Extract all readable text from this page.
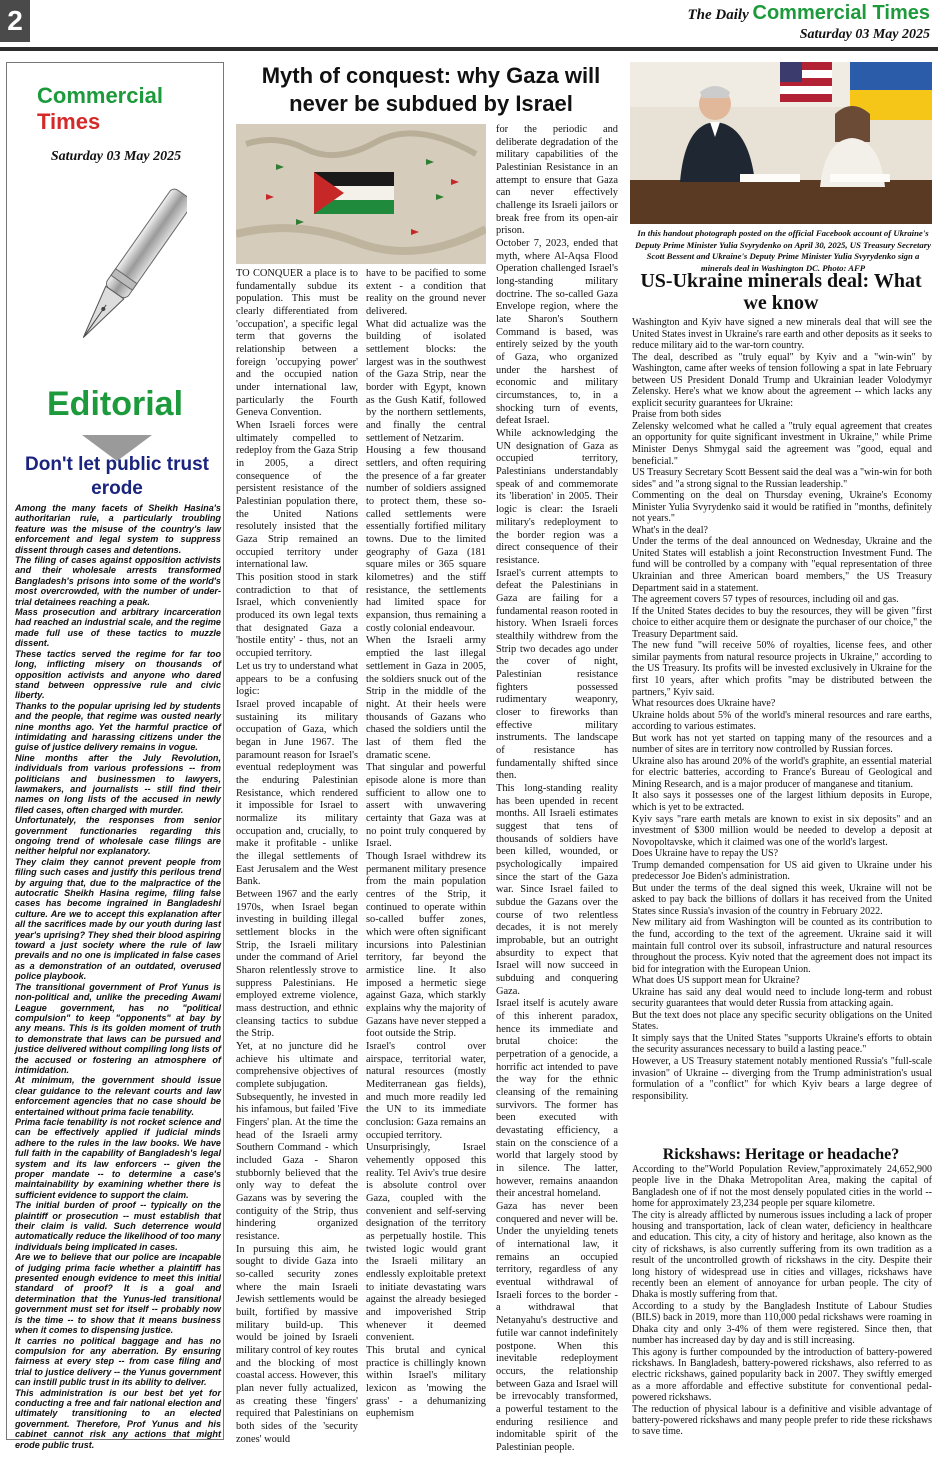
2	The Daily Commercial Times
Saturday 03 May 2025
Commercial Times
Saturday 03 May 2025
Editorial
Don't let public trust erode

Among the many facets of Sheikh Hasina's authoritarian rule, a particularly troubling feature was the misuse of the country's law enforcement and legal system to suppress dissent through cases and detentions.

The filing of cases against opposition activists and their wholesale arrests transformed Bangladesh's prisons into some of the world's most overcrowded, with the number of under-trial detainees reaching a peak.

Mass prosecution and arbitrary incarceration had reached an industrial scale, and the regime made full use of these tactics to muzzle dissent.

These tactics served the regime for far too long, inflicting misery on thousands of opposition activists and anyone who dared stand between oppressive rule and civic liberty.

Thanks to the popular uprising led by students and the people, that regime was ousted nearly nine months ago. Yet the harmful practice of intimidating and harassing citizens under the guise of justice delivery remains in vogue.

Nine months after the July Revolution, individuals from various professions -- from politicians and businessmen to lawyers, lawmakers, and journalists -- still find their names on long lists of the accused in newly filed cases, often charged with murder.

Unfortunately, the responses from senior government functionaries regarding this ongoing trend of wholesale case filings are neither helpful nor explanatory.

They claim they cannot prevent people from filing such cases and justify this perilous trend by arguing that, due to the malpractice of the autocratic Sheikh Hasina regime, filing false cases has become ingrained in Bangladeshi culture. Are we to accept this explanation after all the sacrifices made by our youth during last year's uprising? They shed their blood aspiring toward a just society where the rule of law prevails and no one is implicated in false cases as a demonstration of an outdated, overused police playbook.

The transitional government of Prof Yunus is non-political and, unlike the preceding Awami League government, has no "political compulsion" to keep "opponents" at bay by any means. This is its golden moment of truth to demonstrate that laws can be pursued and justice delivered without compiling long lists of the accused or fostering an atmosphere of intimidation.

At minimum, the government should issue clear guidance to the relevant courts and law enforcement agencies that no case should be entertained without prima facie tenability.

Prima facie tenability is not rocket science and can be effectively applied if judicial minds adhere to the rules in the law books. We have full faith in the capability of Bangladesh's legal system and its law enforcers -- given the proper mandate -- to determine a case's maintainability by examining whether there is sufficient evidence to support the claim.

The initial burden of proof -- typically on the plaintiff or prosecution -- must establish that their claim is valid. Such deterrence would automatically reduce the likelihood of too many individuals being implicated in cases.

Are we to believe that our police are incapable of judging prima facie whether a plaintiff has presented enough evidence to meet this initial standard of proof? It is a goal and determination that the Yunus-led transitional government must set for itself -- probably now is the time -- to show that it means business when it comes to dispensing justice.

It carries no political baggage and has no compulsion for any aberration. By ensuring fairness at every step -- from case filing and trial to justice delivery -- the Yunus government can instill public trust in its ability to deliver.

This administration is our best bet yet for conducting a free and fair national election and ultimately transitioning to an elected government. Therefore, Prof Yunus and his cabinet cannot risk any actions that might erode public trust.

Myth of conquest: why Gaza will never be subdued by Israel

TO CONQUER a place is to fundamentally subdue its population. This must be clearly differentiated from 'occupation', a specific legal term that governs the relationship between a foreign 'occupying power' and the occupied nation under international law, particularly the Fourth Geneva Convention.

When Israeli forces were ultimately compelled to redeploy from the Gaza Strip in 2005, a direct consequence of the persistent resistance of the Palestinian population there, the United Nations resolutely insisted that the Gaza Strip remained an occupied territory under international law.

This position stood in stark contradiction to that of Israel, which conveniently produced its own legal texts that designated Gaza a 'hostile entity' - thus, not an occupied territory.

Let us try to understand what appears to be a confusing logic:

Israel proved incapable of sustaining its military occupation of Gaza, which began in June 1967. The paramount reason for Israel's eventual redeployment was the enduring Palestinian Resistance, which rendered it impossible for Israel to normalize its military occupation and, crucially, to make it profitable - unlike the illegal settlements of East Jerusalem and the West Bank.

Between 1967 and the early 1970s, when Israel began investing in building illegal settlement blocks in the Strip, the Israeli military under the command of Ariel Sharon relentlessly strove to suppress Palestinians. He employed extreme violence, mass destruction, and ethnic cleansing tactics to subdue the Strip.

Yet, at no juncture did he achieve his ultimate and comprehensive objectives of complete subjugation.

Subsequently, he invested in his infamous, but failed 'Five Fingers' plan. At the time the head of the Israeli army Southern Command - which included Gaza - Sharon stubbornly believed that the only way to defeat the Gazans was by severing the contiguity of the Strip, thus hindering organized resistance.

In pursuing this aim, he sought to divide Gaza into so-called security zones where the main Israeli Jewish settlements would be built, fortified by massive military build-up. This would be joined by Israeli military control of key routes and the blocking of most coastal access. However, this plan never fully actualized, as creating these 'fingers' required that Palestinians on both sides of the 'security zones' would

have to be pacified to some extent - a condition that reality on the ground never delivered.

What did actualize was the building of isolated settlement blocks: the largest was in the southwest of the Gaza Strip, near the border with Egypt, known as the Gush Katif, followed by the northern settlements, and finally the central settlement of Netzarim.

Housing a few thousand settlers, and often requiring the presence of a far greater number of soldiers assigned to protect them, these so-called settlements were essentially fortified military towns. Due to the limited geography of Gaza (181 square miles or 365 square kilometres) and the stiff resistance, the settlements had limited space for expansion, thus remaining a costly colonial endeavour.

When the Israeli army emptied the last illegal settlement in Gaza in 2005, the soldiers snuck out of the Strip in the middle of the night. At their heels were thousands of Gazans who chased the soldiers until the last of them fled the dramatic scene.

That singular and powerful episode alone is more than sufficient to allow one to assert with unwavering certainty that Gaza was at no point truly conquered by Israel.

Though Israel withdrew its permanent military presence from the main population centres of the Strip, it continued to operate within so-called buffer zones, which were often significant incursions into Palestinian territory, far beyond the armistice line. It also imposed a hermetic siege against Gaza, which starkly explains why the majority of Gazans have never stepped a foot outside the Strip.

Israel's control over airspace, territorial water, natural resources (mostly Mediterranean gas fields), and much more readily led the UN to its immediate conclusion: Gaza remains an occupied territory.

Unsurprisingly, Israel vehemently opposed this reality. Tel Aviv's true desire is absolute control over Gaza, coupled with the convenient and self-serving designation of the territory as perpetually hostile. This twisted logic would grant the Israeli military an endlessly exploitable pretext to initiate devastating wars against the already besieged and impoverished Strip whenever it deemed convenient.

This brutal and cynical practice is chillingly known within Israel's military lexicon as 'mowing the grass' - a dehumanizing euphemism

for the periodic and deliberate degradation of the military capabilities of the Palestinian Resistance in an attempt to ensure that Gaza can never effectively challenge its Israeli jailors or break free from its open-air prison.

October 7, 2023, ended that myth, where Al-Aqsa Flood Operation challenged Israel's long-standing military doctrine. The so-called Gaza Envelope region, where the late Sharon's Southern Command is based, was entirely seized by the youth of Gaza, who organized under the harshest of economic and military circumstances, to, in a shocking turn of events, defeat Israel.

While acknowledging the UN designation of Gaza as occupied territory, Palestinians understandably speak of and commemorate its 'liberation' in 2005. Their logic is clear: the Israeli military's redeployment to the border region was a direct consequence of their resistance.

Israel's current attempts to defeat the Palestinians in Gaza are failing for a fundamental reason rooted in history. When Israeli forces stealthily withdrew from the Strip two decades ago under the cover of night, Palestinian resistance fighters possessed rudimentary weaponry, closer to fireworks than effective military instruments. The landscape of resistance has fundamentally shifted since then.

This long-standing reality has been upended in recent months. All Israeli estimates suggest that tens of thousands of soldiers have been killed, wounded, or psychologically impaired since the start of the Gaza war. Since Israel failed to subdue the Gazans over the course of two relentless decades, it is not merely improbable, but an outright absurdity to expect that Israel will now succeed in subduing and conquering Gaza.

Israel itself is acutely aware of this inherent paradox, hence its immediate and brutal choice: the perpetration of a genocide, a horrific act intended to pave the way for the ethnic cleansing of the remaining survivors. The former has been executed with devastating efficiency, a stain on the conscience of a world that largely stood by in silence. The latter, however, remains anaandon their ancestral homeland.

Gaza has never been conquered and never will be. Under the unyielding tenets of international law, it remains an occupied territory, regardless of any eventual withdrawal of Israeli forces to the border - a withdrawal that Netanyahu's destructive and futile war cannot indefinitely postpone. When this inevitable redeployment occurs, the relationship between Gaza and Israel will be irrevocably transformed, a powerful testament to the enduring resilience and indomitable spirit of the Palestinian people.

In this handout photograph posted on the official Facebook account of Ukraine's Deputy Prime Minister Yulia Svyrydenko on April 30, 2025, US Treasury Secretary Scott Bessent and Ukraine's Deputy Prime Minister Yulia Svyrydenko sign a minerals deal in Washington DC. Photo: AFP
US-Ukraine minerals deal: What we know

Washington and Kyiv have signed a new minerals deal that will see the United States invest in Ukraine's rare earth and other deposits as it seeks to reduce military aid to the war-torn country.

The deal, described as "truly equal" by Kyiv and a "win-win" by Washington, came after weeks of tension following a spat in late February between US President Donald Trump and Ukrainian leader Volodymyr Zelensky. Here's what we know about the agreement -- which lacks any explicit security guarantees for Ukraine:

Praise from both sides

Zelensky welcomed what he called a "truly equal agreement that creates an opportunity for quite significant investment in Ukraine," while Prime Minister Denys Shmygal said the agreement was "good, equal and beneficial."

US Treasury Secretary Scott Bessent said the deal was a "win-win for both sides" and "a strong signal to the Russian leadership."

Commenting on the deal on Thursday evening, Ukraine's Economy Minister Yulia Svyrydenko said it would be ratified in "months, definitely not years."

What's in the deal?

Under the terms of the deal announced on Wednesday, Ukraine and the United States will establish a joint Reconstruction Investment Fund. The fund will be controlled by a company with "equal representation of three Ukrainian and three American board members," the US Treasury Department said in a statement.

The agreement covers 57 types of resources, including oil and gas.

If the United States decides to buy the resources, they will be given "first choice to either acquire them or designate the purchaser of our choice," the Treasury Department said.

The new fund "will receive 50% of royalties, license fees, and other similar payments from natural resource projects in Ukraine," according to the US Treasury. Its profits will be invested exclusively in Ukraine for the first 10 years, after which profits "may be distributed between the partners," Kyiv said.

What resources does Ukraine have?

Ukraine holds about 5% of the world's mineral resources and rare earths, according to various estimates.

But work has not yet started on tapping many of the resources and a number of sites are in territory now controlled by Russian forces.

Ukraine also has around 20% of the world's graphite, an essential material for electric batteries, according to France's Bureau of Geological and Mining Research, and is a major producer of manganese and titanium.

It also says it possesses one of the largest lithium deposits in Europe, which is yet to be extracted.

Kyiv says "rare earth metals are known to exist in six deposits" and an investment of $300 million would be needed to develop a deposit at Novopoltavske, which it claimed was one of the world's largest.

Does Ukraine have to repay the US?

Trump demanded compensation for US aid given to Ukraine under his predecessor Joe Biden's administration.

But under the terms of the deal signed this week, Ukraine will not be asked to pay back the billions of dollars it has received from the United States since Russia's invasion of the country in February 2022.

New military aid from Washington will be counted as its contribution to the fund, according to the text of the agreement. Ukraine said it will maintain full control over its subsoil, infrastructure and natural resources throughout the process. Kyiv noted that the agreement does not impact its bid for integration with the European Union.

What does US support mean for Ukraine?

Ukraine has said any deal would need to include long-term and robust security guarantees that would deter Russia from attacking again.

But the text does not place any specific security obligations on the United States.

It simply says that the United States "supports Ukraine's efforts to obtain the security assurances necessary to build a lasting peace."

However, a US Treasury statement notably mentioned Russia's "full-scale invasion" of Ukraine -- diverging from the Trump administration's usual formulation of a "conflict" for which Kyiv bears a large degree of responsibility.

Rickshaws: Heritage or headache?

According to the"World Population Review,"approximately 24,652,900 people live in the Dhaka Metropolitan Area, making the capital of Bangladesh one of if not the most densely populated cities in the world -- home for approximately 23,234 people per square kilometre.

The city is already afflicted by numerous issues including a lack of proper housing and transportation, lack of clean water, deficiency in healthcare and education. This city, a city of history and heritage, also known as the city of rickshaws, is also currently suffering from its own tradition as a result of the uncontrolled growth of rickshaws in the city. Despite their long history of widespread use in cities and villages, rickshaws have recently been an element of annoyance for urban people. The city of Dhaka is mostly suffering from that.

According to a study by the Bangladesh Institute of Labour Studies (BILS) back in 2019, more than 110,000 pedal rickshaws were roaming in Dhaka city and only 3-4% of them were registered. Since then, that number has increased day by day and is still increasing.

This agony is further compounded by the introduction of battery-powered rickshaws. In Bangladesh, battery-powered rickshaws, also referred to as electric rickshaws, gained popularity back in 2007. They swiftly emerged as a more affordable and effective substitute for conventional pedal-powered rickshaws.

The reduction of physical labour is a definitive and visible advantage of battery-powered rickshaws and many people prefer to ride these rickshaws to save time.
